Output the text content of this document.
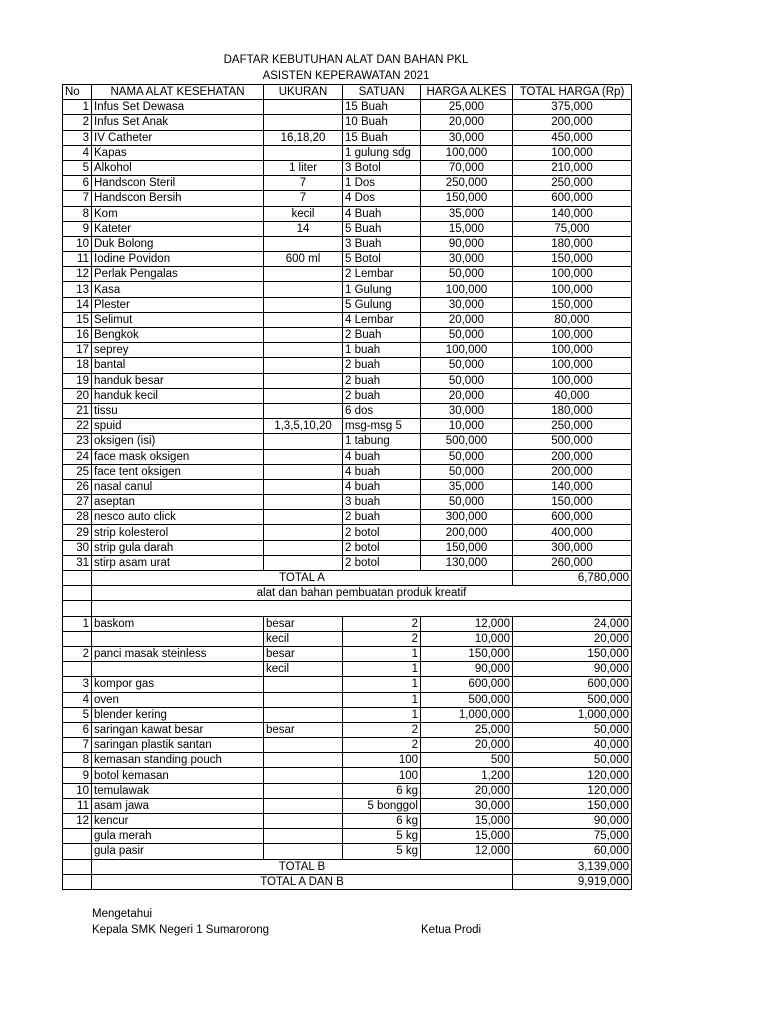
DAFTAR KEBUTUHAN ALAT DAN BAHAN PKL
ASISTEN KEPERAWATAN 2021
No	NAMA ALAT KESEHATAN	UKURAN	SATUAN	HARGA ALKES	TOTAL HARGA (Rp)
1	Infus Set Dewasa		15 Buah	25,000	375,000
2	Infus Set Anak		10 Buah	20,000	200,000
3	IV Catheter	16,18,20	15 Buah	30,000	450,000
4	Kapas		1 gulung sdg	100,000	100,000
5	Alkohol	1 liter	3 Botol	70,000	210,000
6	Handscon Steril	7	1 Dos	250,000	250,000
7	Handscon Bersih	7	4 Dos	150,000	600,000
8	Kom	kecil	4 Buah	35,000	140,000
9	Kateter	14	5 Buah	15,000	75,000
10	Duk Bolong		3 Buah	90,000	180,000
11	Iodine Povidon	600 ml	5 Botol	30,000	150,000
12	Perlak Pengalas		2 Lembar	50,000	100,000
13	Kasa		1 Gulung	100,000	100,000
14	Plester		5 Gulung	30,000	150,000
15	Selimut		4 Lembar	20,000	80,000
16	Bengkok		2 Buah	50,000	100,000
17	seprey		1 buah	100,000	100,000
18	bantal		2 buah	50,000	100,000
19	handuk besar		2 buah	50,000	100,000
20	handuk kecil		2 buah	20,000	40,000
21	tissu		6 dos	30,000	180,000
22	spuid	1,3,5,10,20	msg-msg 5	10,000	250,000
23	oksigen (isi)		1 tabung	500,000	500,000
24	face mask oksigen		4 buah	50,000	200,000
25	face tent oksigen		4 buah	50,000	200,000
26	nasal canul		4 buah	35,000	140,000
27	aseptan		3 buah	50,000	150,000
28	nesco auto click		2 buah	300,000	600,000
29	strip kolesterol		2 botol	200,000	400,000
30	strip gula darah		2 botol	150,000	300,000
31	stirp asam urat		2 botol	130,000	260,000
	TOTAL A				6,780,000
	alat dan bahan pembuatan produk kreatif				

1	baskom	besar	2	12,000	24,000
		kecil	2	10,000	20,000
2	panci masak steinless	besar	1	150,000	150,000
		kecil	1	90,000	90,000
3	kompor gas		1	600,000	600,000
4	oven		1	500,000	500,000
5	blender kering		1	1,000,000	1,000,000
6	saringan kawat besar	besar	2	25,000	50,000
7	saringan plastik santan		2	20,000	40,000
8	kemasan standing pouch		100	500	50,000
9	botol kemasan		100	1,200	120,000
10	temulawak		6 kg	20,000	120,000
11	asam jawa		5 bonggol	30,000	150,000
12	kencur		6 kg	15,000	90,000
	gula merah		5 kg	15,000	75,000
	gula pasir		5 kg	12,000	60,000
	TOTAL B				3,139,000
	TOTAL A DAN B				9,919,000
Mengetahui
Kepala SMK Negeri 1 Sumarorong	Ketua Prodi
